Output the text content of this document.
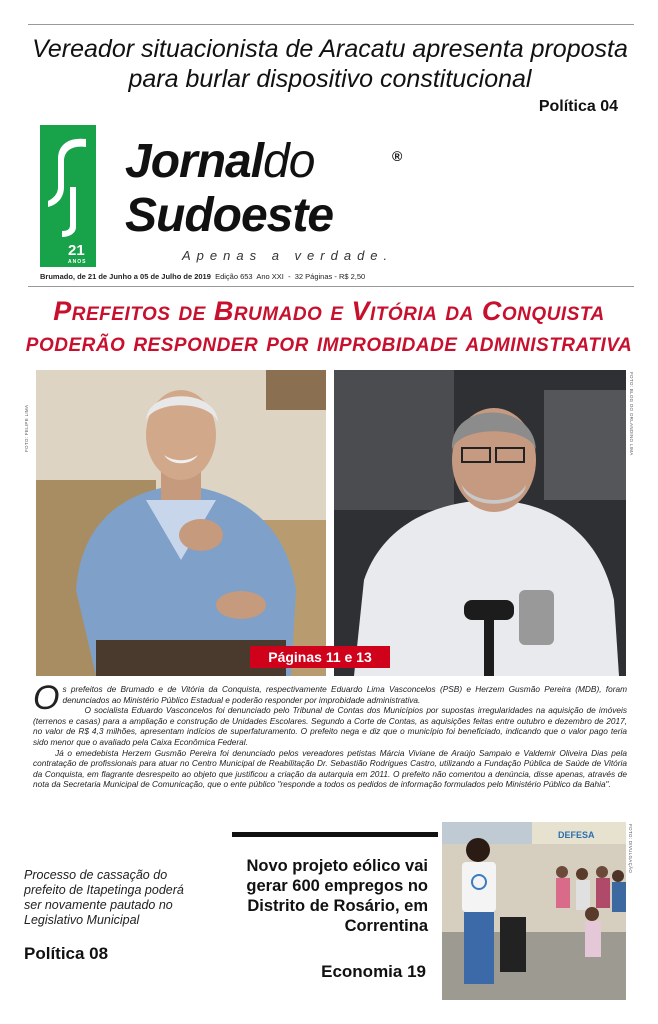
Vereador situacionista de Aracatu apresenta proposta para burlar dispositivo constitucional
Política 04
21
ANOS
Jornaldo	®
Sudoeste
Apenas a verdade.
Brumado, de 21 de Junho a 05 de Julho de 2019 Edição 653 Ano XXI - 32 Páginas - R$ 2,50
Prefeitos de Brumado e Vitória da Conquista poderão responder por improbidade administrativa
FOTO: FELIPE LIMA	FOTO: BLOG DO ORLANDINO LIMA
Páginas 11 e 13
O s prefeitos de Brumado e de Vitória da Conquista, respectivamente Eduardo Lima Vasconcelos (PSB) e Herzem Gusmão Pereira (MDB), foram denunciados ao Ministério Público Estadual e poderão responder por improbidade administrativa.

O socialista Eduardo Vasconcelos foi denunciado pelo Tribunal de Contas dos Municípios por supostas irregularidades na aquisição de imóveis (terrenos e casas) para a ampliação e construção de Unidades Escolares. Segundo a Corte de Contas, as aquisições feitas entre outubro e dezembro de 2017, no valor de R$ 4,3 milhões, apresentam indícios de superfaturamento. O prefeito nega e diz que o município foi beneficiado, indicando que o valor pago teria sido menor que o avaliado pela Caixa Econômica Federal.

Já o emedebista Herzem Gusmão Pereira foi denunciado pelos vereadores petistas Márcia Viviane de Araújo Sampaio e Valdemir Oliveira Dias pela contratação de profissionais para atuar no Centro Municipal de Reabilitação Dr. Sebastião Rodrigues Castro, utilizando a Fundação Pública de Saúde de Vitória da Conquista, em flagrante desrespeito ao objeto que justificou a criação da autarquia em 2011. O prefeito não comentou a denúncia, disse apenas, através de nota da Secretaria Municipal de Comunicação, que o ente público "responde a todos os pedidos de informação formulados pelo Ministério Público da Bahia".

Processo de cassação do prefeito de Itapetinga poderá ser novamente pautado no Legislativo Municipal
Política 08
Novo projeto eólico vai gerar 600 empregos no Distrito de Rosário, em Correntina
Economia 19
DEFESA	FOTO: DIVULGAÇÃO
